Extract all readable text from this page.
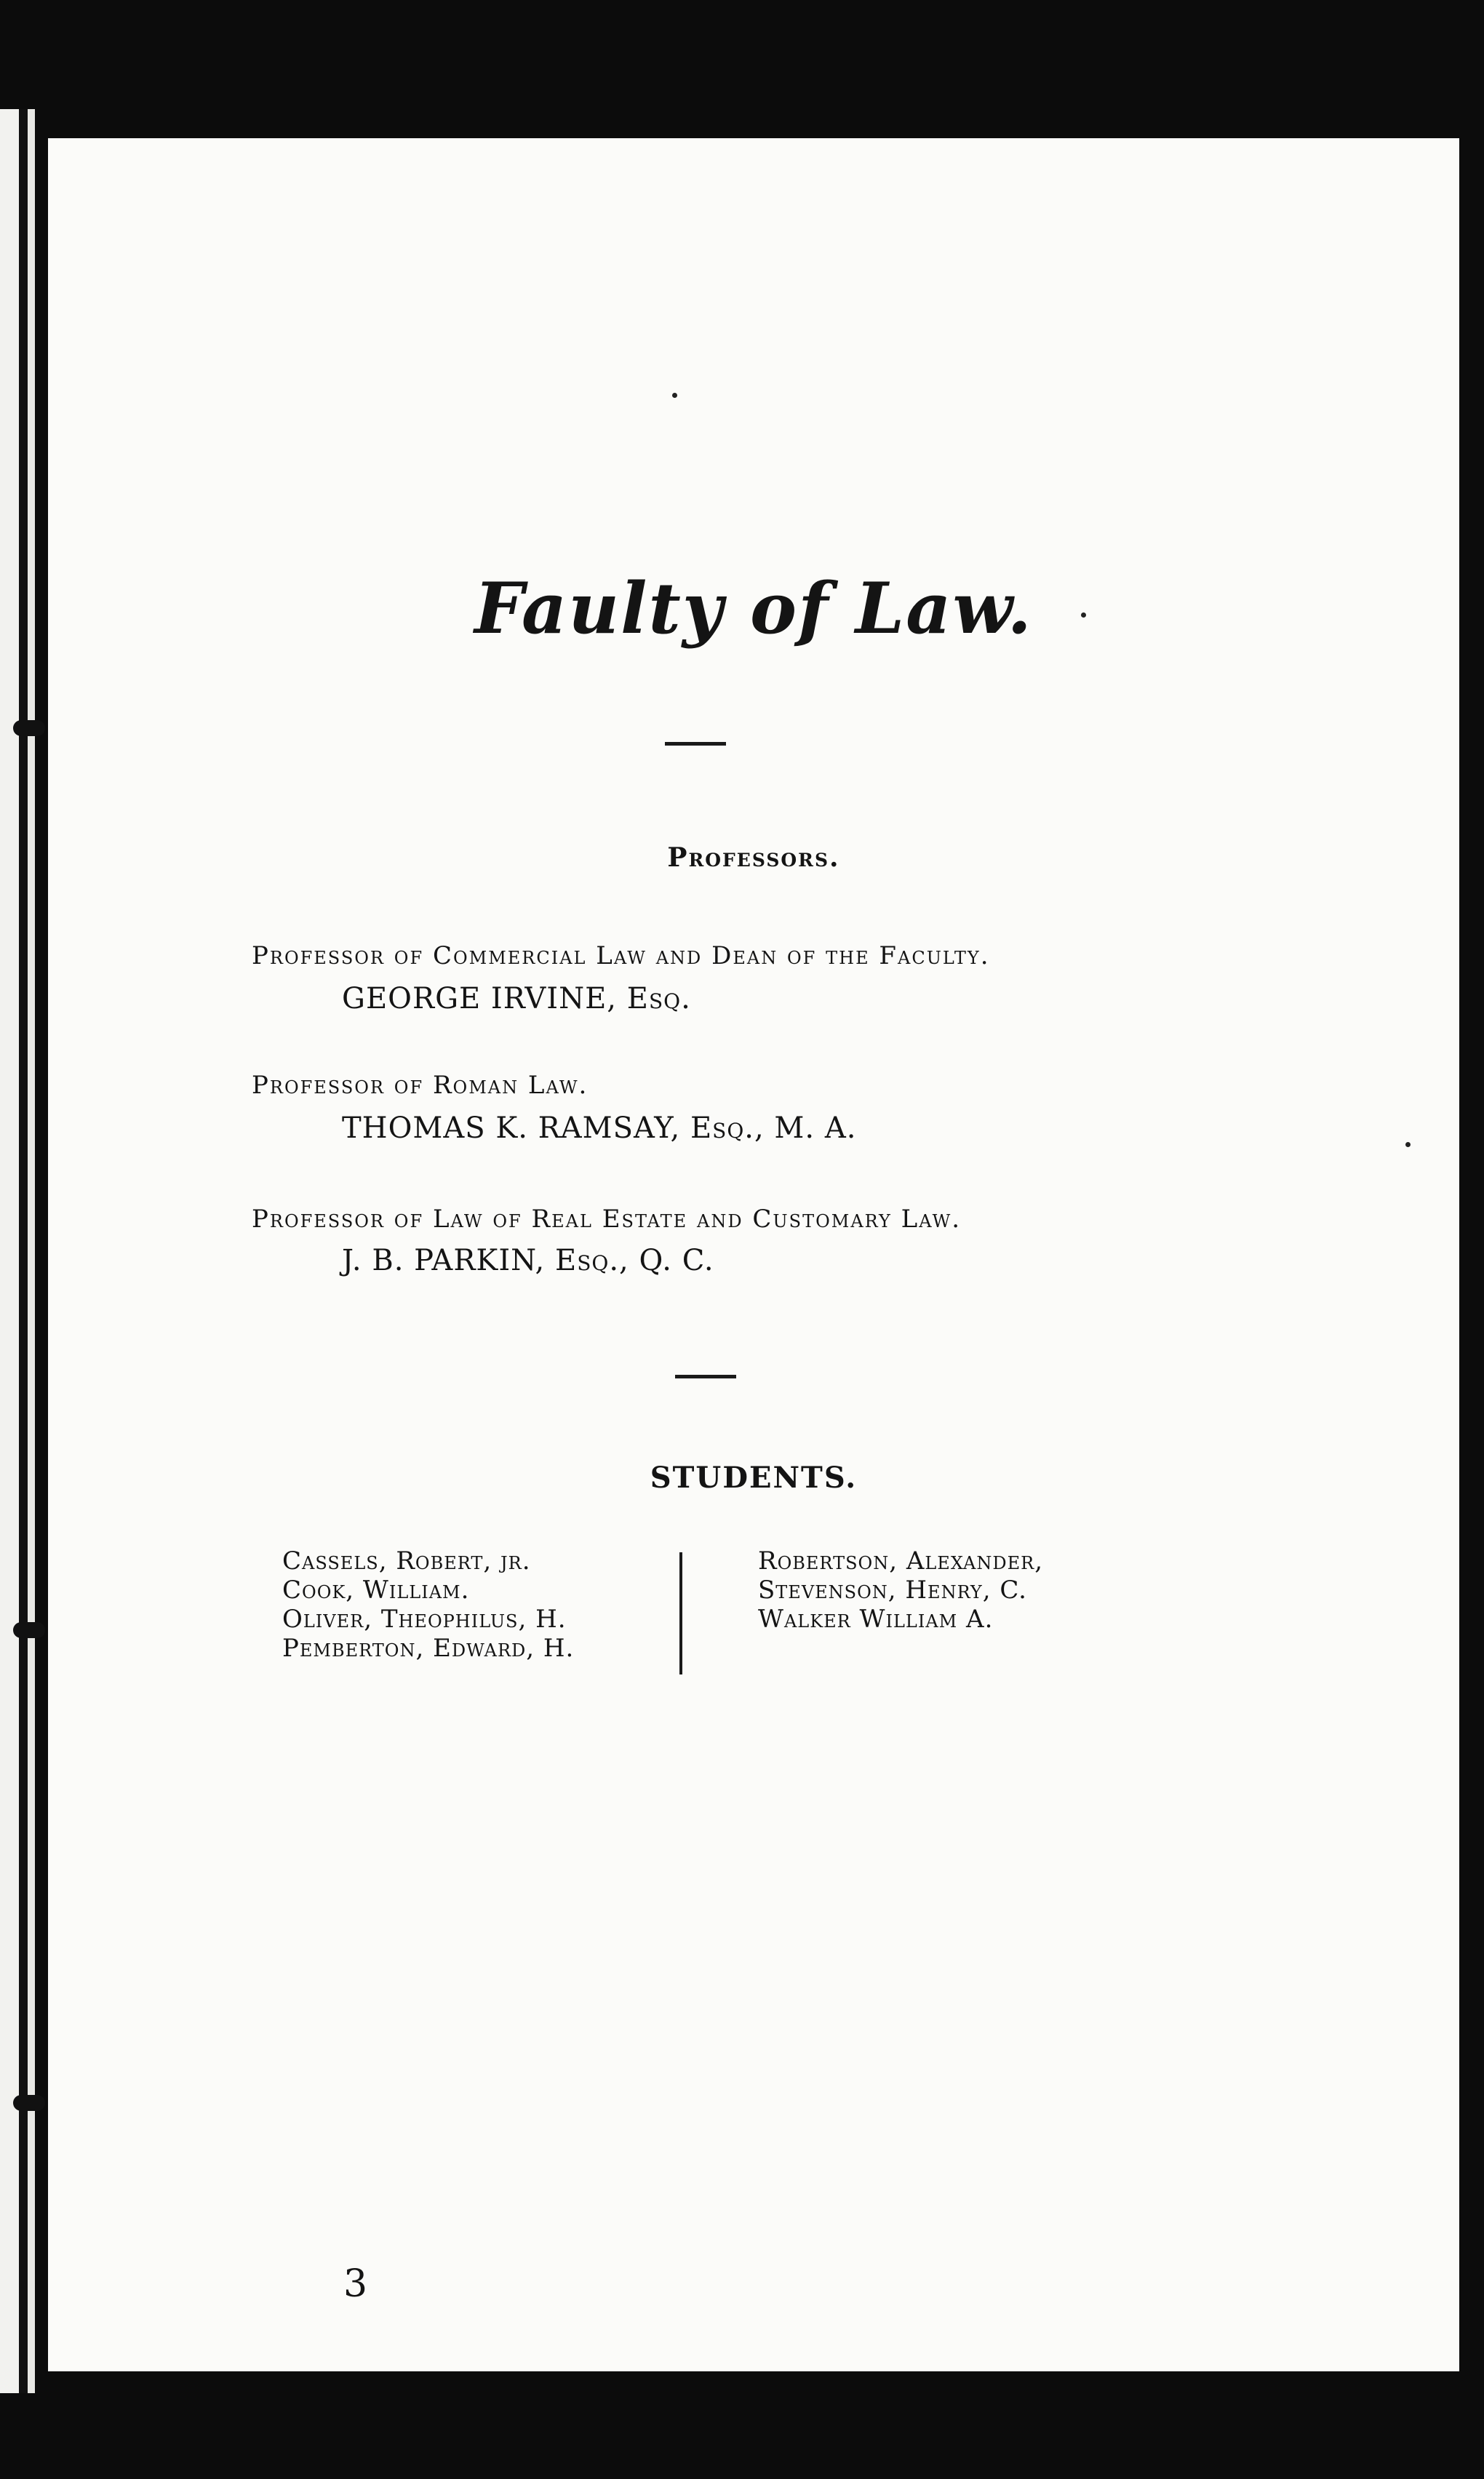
Faulty of Law.
Professors.

Professor of Commercial Law and Dean of the Faculty.

GEORGE IRVINE, Esq.

Professor of Roman Law.

THOMAS K. RAMSAY, Esq., M. A.

Professor of Law of Real Estate and Customary Law.

J. B. PARKIN, Esq., Q. C.

STUDENTS.
Cassels, Robert, jr.
Cook, William.
Oliver, Theophilus, H.
Pemberton, Edward, H.
Robertson, Alexander,
Stevenson, Henry, C.
Walker William A.

3
